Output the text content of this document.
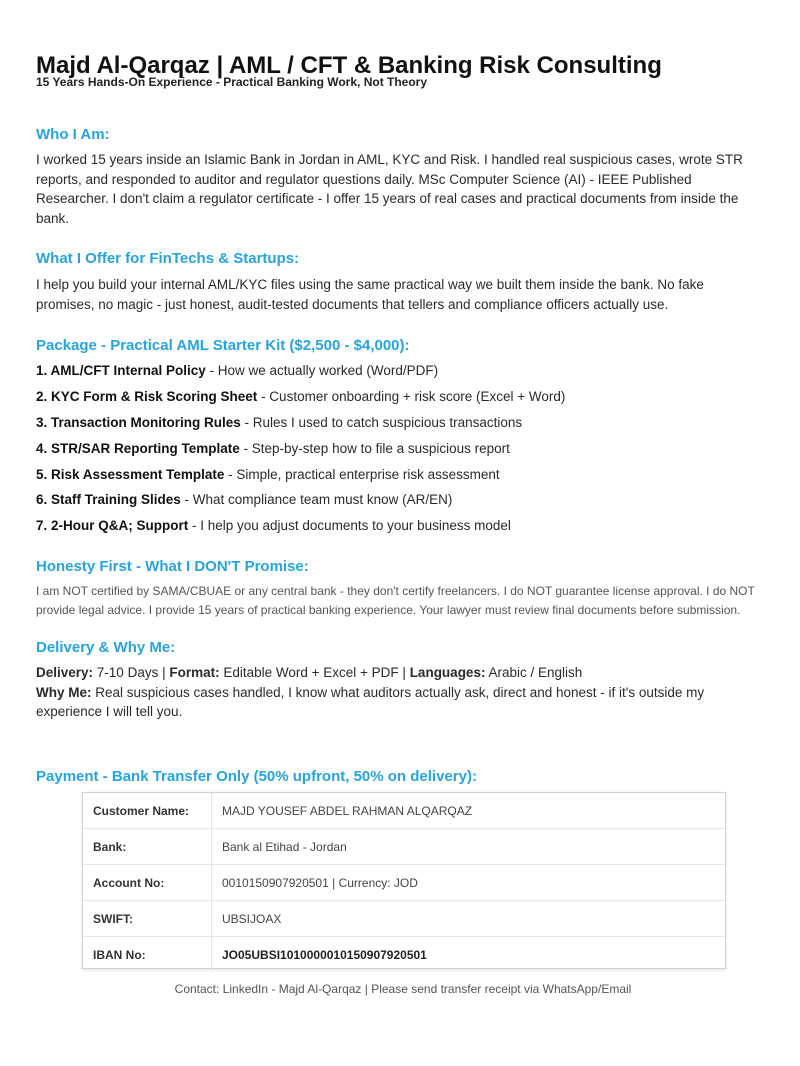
Majd Al-Qarqaz | AML / CFT & Banking Risk Consulting
15 Years Hands-On Experience - Practical Banking Work, Not Theory
Who I Am:
I worked 15 years inside an Islamic Bank in Jordan in AML, KYC and Risk. I handled real suspicious cases, wrote STR reports, and responded to auditor and regulator questions daily. MSc Computer Science (AI) - IEEE Published Researcher. I don't claim a regulator certificate - I offer 15 years of real cases and practical documents from inside the bank.
What I Offer for FinTechs & Startups:
I help you build your internal AML/KYC files using the same practical way we built them inside the bank. No fake promises, no magic - just honest, audit-tested documents that tellers and compliance officers actually use.
Package - Practical AML Starter Kit ($2,500 - $4,000):
1. AML/CFT Internal Policy - How we actually worked (Word/PDF)
2. KYC Form & Risk Scoring Sheet - Customer onboarding + risk score (Excel + Word)
3. Transaction Monitoring Rules - Rules I used to catch suspicious transactions
4. STR/SAR Reporting Template - Step-by-step how to file a suspicious report
5. Risk Assessment Template - Simple, practical enterprise risk assessment
6. Staff Training Slides - What compliance team must know (AR/EN)
7. 2-Hour Q&A; Support - I help you adjust documents to your business model
Honesty First - What I DON'T Promise:
I am NOT certified by SAMA/CBUAE or any central bank - they don't certify freelancers. I do NOT guarantee license approval. I do NOT provide legal advice. I provide 15 years of practical banking experience. Your lawyer must review final documents before submission.
Delivery & Why Me:
Delivery: 7-10 Days | Format: Editable Word + Excel + PDF | Languages: Arabic / English
Why Me: Real suspicious cases handled, I know what auditors actually ask, direct and honest - if it's outside my experience I will tell you.
Payment - Bank Transfer Only (50% upfront, 50% on delivery):
Customer Name:	MAJD YOUSEF ABDEL RAHMAN ALQARQAZ
Bank:	Bank al Etihad - Jordan
Account No:	0010150907920501 | Currency: JOD
SWIFT:	UBSIJOAX
IBAN No:	JO05UBSI1010000010150907920501
Contact: LinkedIn - Majd Al-Qarqaz | Please send transfer receipt via WhatsApp/Email
